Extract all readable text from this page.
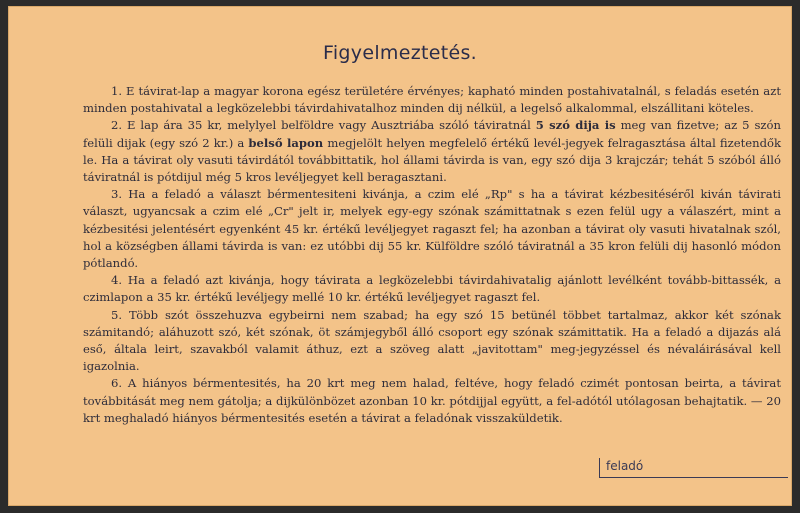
Figyelmeztetés.

1. E távirat-lap a magyar korona egész területére érvényes; kapható minden postahivatalnál, s feladás esetén azt minden postahivatal a legközelebbi távirdahivatalhoz minden dij nélkül, a legelső alkalommal, elszállitani köteles.

2. E lap ára 35 kr, melylyel belföldre vagy Ausztriába szóló táviratnál 5 szó dija is meg van fizetve; az 5 szón felüli dijak (egy szó 2 kr.) a belső lapon megjelölt helyen megfelelő értékű levél-jegyek felragasztása által fizetendők le. Ha a távirat oly vasuti távirdától továbbittatik, hol állami távirda is van, egy szó dija 3 krajczár; tehát 5 szóból álló táviratnál is pótdijul még 5 kros levéljegyet kell beragasztani.

3. Ha a feladó a választ bérmentesiteni kivánja, a czim elé „Rp" s ha a távirat kézbesitéséről kiván távirati választ, ugyancsak a czim elé „Cr" jelt ir, melyek egy-egy szónak számittatnak s ezen felül ugy a válaszért, mint a kézbesitési jelentésért egyenként 45 kr. értékű levéljegyet ragaszt fel; ha azonban a távirat oly vasuti hivatalnak szól, hol a községben állami távirda is van: ez utóbbi dij 55 kr. Külföldre szóló táviratnál a 35 kron felüli dij hasonló módon pótlandó.

4. Ha a feladó azt kivánja, hogy távirata a legközelebbi távirdahivatalig ajánlott levélként tovább-bittassék, a czimlapon a 35 kr. értékű levéljegy mellé 10 kr. értékű levéljegyet ragaszt fel.

5. Több szót összehuzva egybeirni nem szabad; ha egy szó 15 betünél többet tartalmaz, akkor két szónak számitandó; aláhuzott szó, két szónak, öt számjegyből álló csoport egy szónak számittatik. Ha a feladó a dijazás alá eső, általa leirt, szavakból valamit áthuz, ezt a szöveg alatt „javitottam" meg-jegyzéssel és névaláirásával kell igazolnia.

6. A hiányos bérmentesités, ha 20 krt meg nem halad, feltéve, hogy feladó czimét pontosan beirta, a távirat továbbitását meg nem gátolja; a dijkülönbözet azonban 10 kr. pótdijjal együtt, a fel-adótól utólagosan behajtatik. — 20 krt meghaladó hiányos bérmentesités esetén a távirat a feladónak visszaküldetik.

feladó
